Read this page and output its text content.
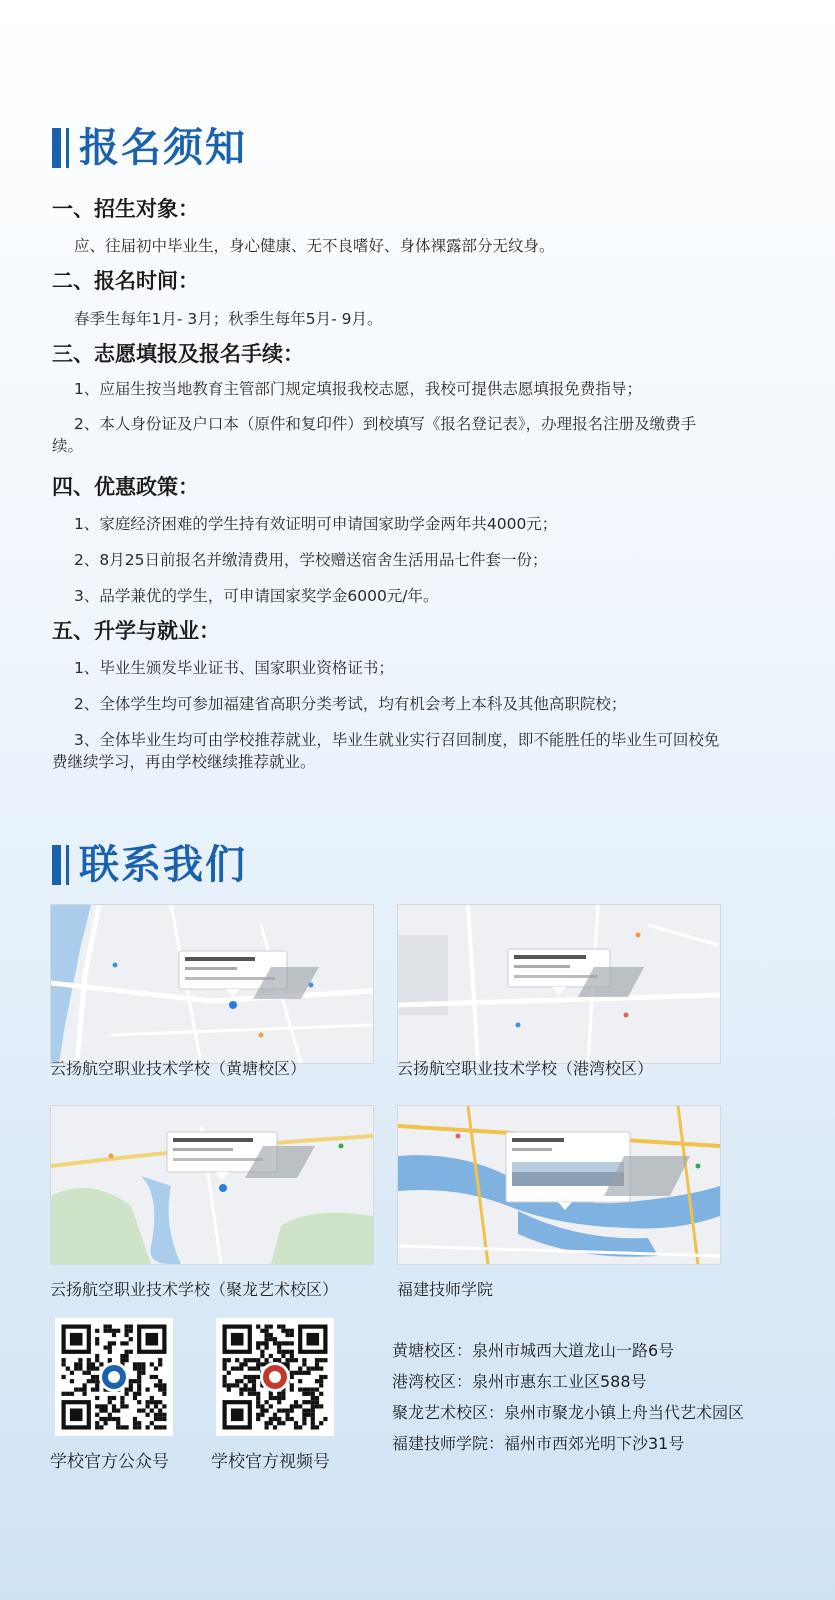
报名须知
一、招生对象：

应、往届初中毕业生，身心健康、无不良嗜好、身体裸露部分无纹身。

二、报名时间：

春季生每年1月- 3月；秋季生每年5月- 9月。

三、志愿填报及报名手续：

1、应届生按当地教育主管部门规定填报我校志愿，我校可提供志愿填报免费指导；

2、本人身份证及户口本（原件和复印件）到校填写《报名登记表》，办理报名注册及缴费手续。

四、优惠政策：

1、家庭经济困难的学生持有效证明可申请国家助学金两年共4000元；

2、8月25日前报名并缴清费用，学校赠送宿舍生活用品七件套一份；

3、品学兼优的学生，可申请国家奖学金6000元/年。

五、升学与就业：

1、毕业生颁发毕业证书、国家职业资格证书；

2、全体学生均可参加福建省高职分类考试，均有机会考上本科及其他高职院校；

3、全体毕业生均可由学校推荐就业，毕业生就业实行召回制度，即不能胜任的毕业生可回校免费继续学习，再由学校继续推荐就业。

联系我们
云扬航空职业技术学校（黄塘校区）	云扬航空职业技术学校（港湾校区）
云扬航空职业技术学校（聚龙艺术校区）	福建技师学院
学校官方公众号 学校官方视频号
黄塘校区：泉州市城西大道龙山一路6号
港湾校区：泉州市惠东工业区588号
聚龙艺术校区：泉州市聚龙小镇上舟当代艺术园区
福建技师学院：福州市西郊光明下沙31号
